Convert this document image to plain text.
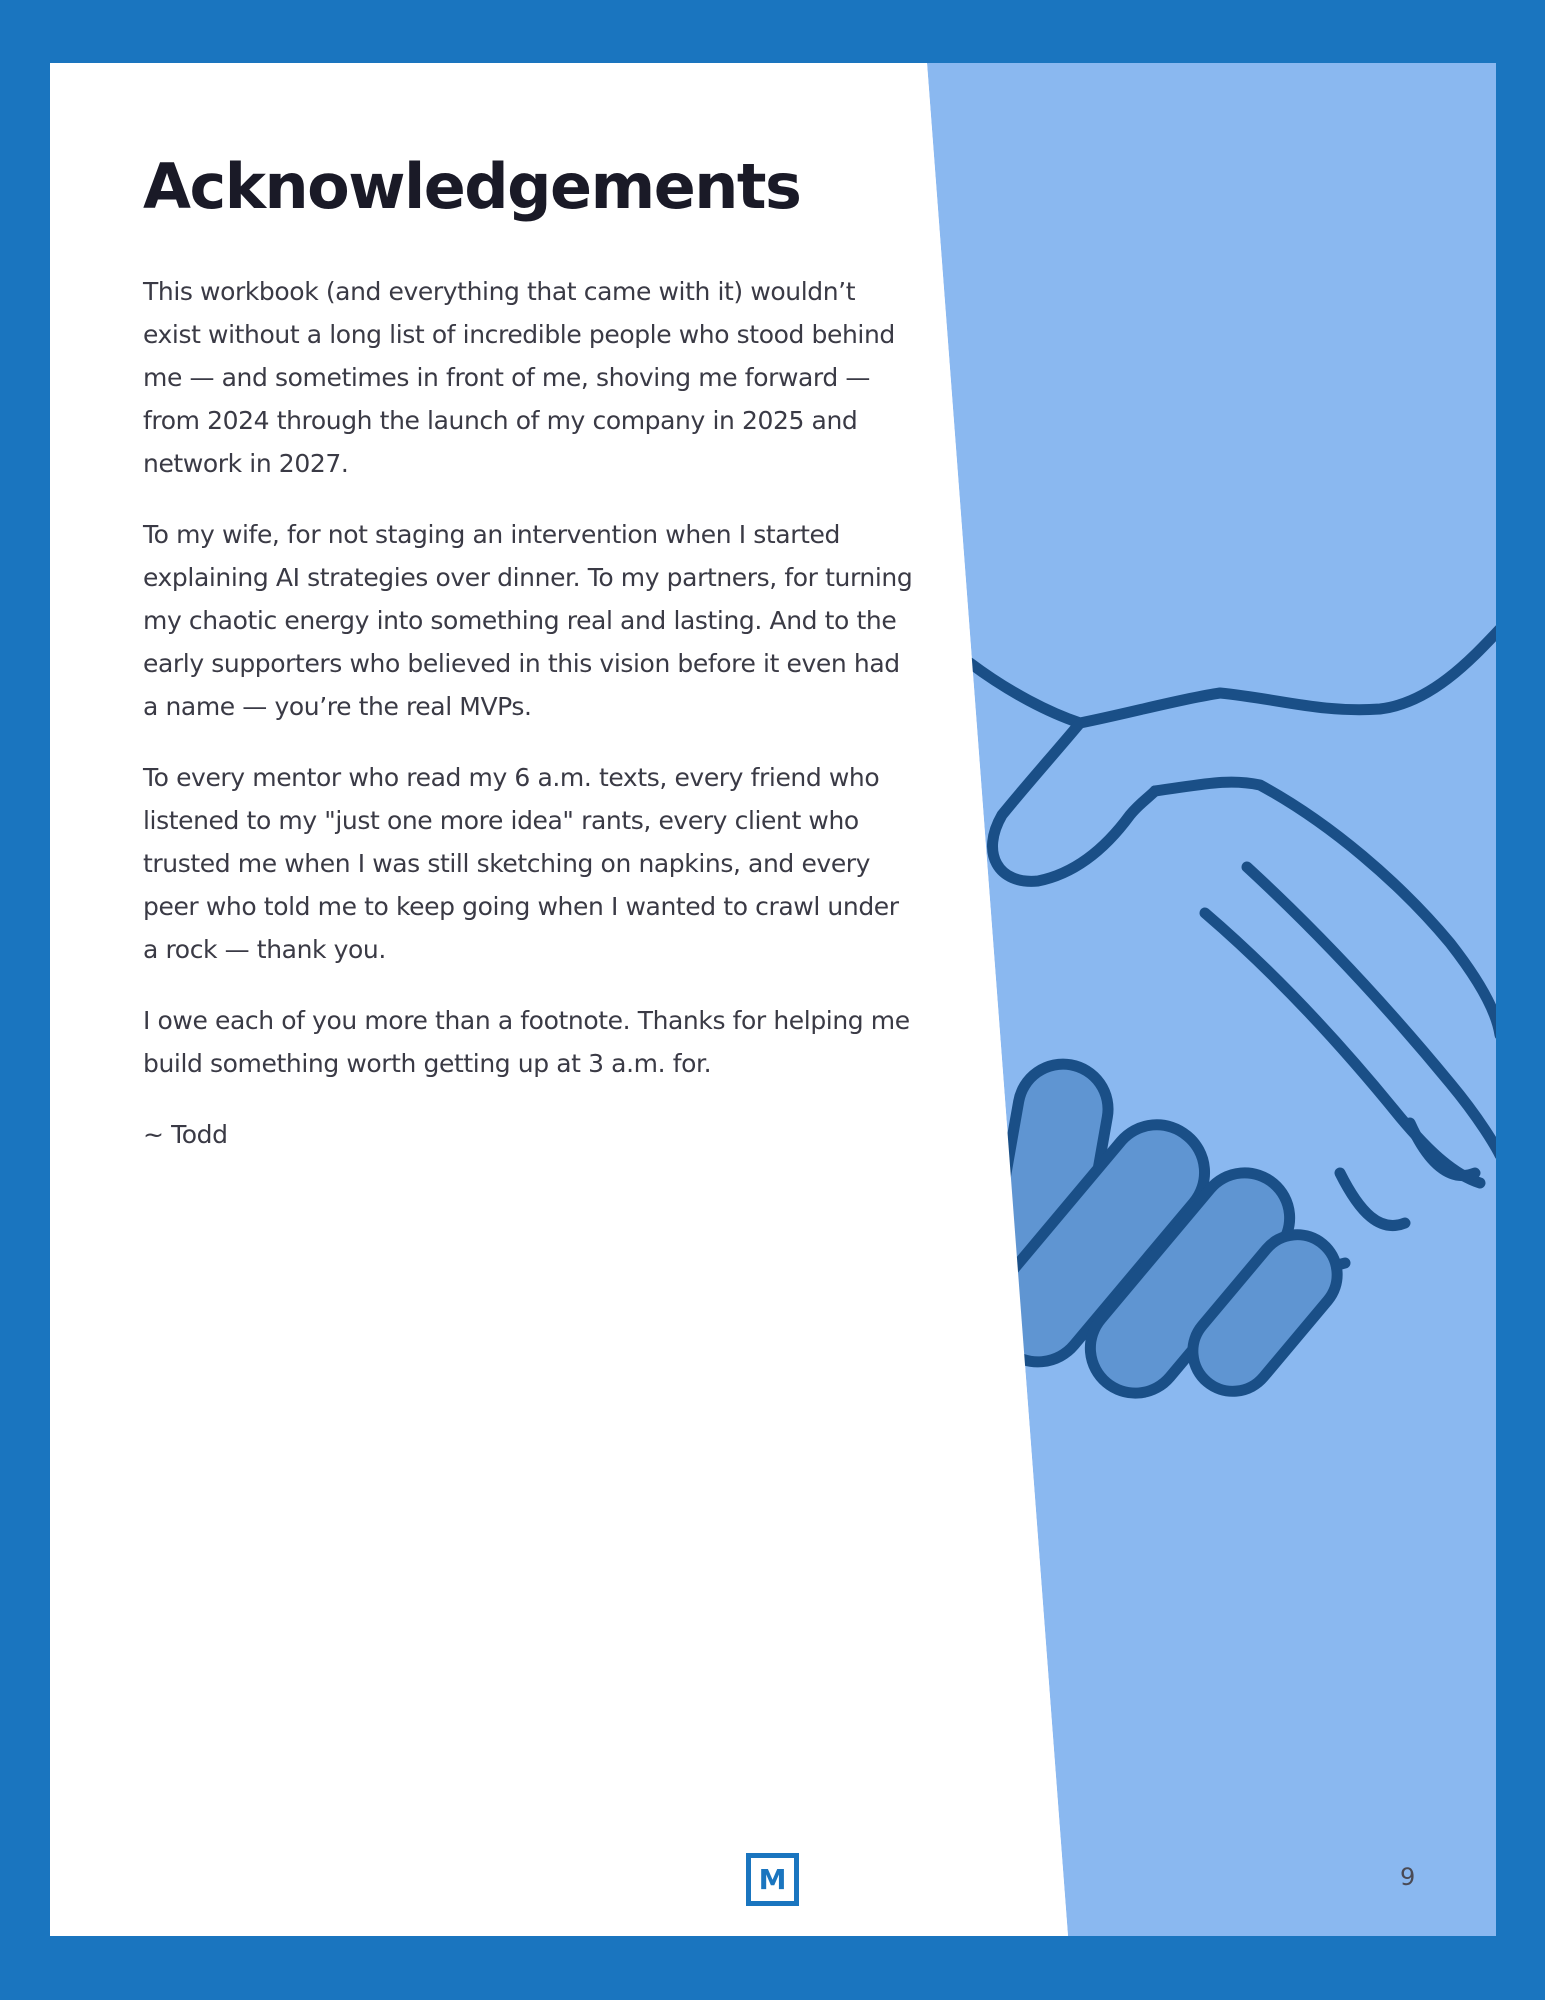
Acknowledgements

This workbook (and everything that came with it) wouldn’t exist without a long list of incredible people who stood behind me — and sometimes in front of me, shoving me forward — from 2024 through the launch of my company in 2025 and network in 2027.

To my wife, for not staging an intervention when I started explaining AI strategies over dinner. To my partners, for turning my chaotic energy into something real and lasting. And to the early supporters who believed in this vision before it even had a name — you’re the real MVPs.

To every mentor who read my 6 a.m. texts, every friend who listened to my "just one more idea" rants, every client who trusted me when I was still sketching on napkins, and every peer who told me to keep going when I wanted to crawl under a rock — thank you.

I owe each of you more than a footnote. Thanks for helping me build something worth getting up at 3 a.m. for.

~ Todd

M	9
